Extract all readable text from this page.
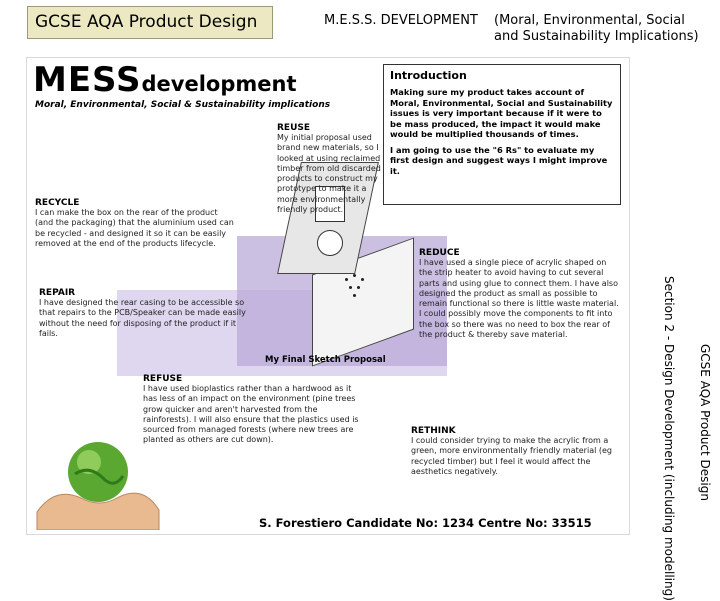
GCSE AQA Product Design	M.E.S.S. DEVELOPMENT (Moral, Environmental, Social and Sustainability Implications)
MESSdevelopment
Moral, Environmental, Social & Sustainability implications
Introduction

Making sure my product takes account of Moral, Environmental, Social and Sustainability issues is very important because if it were to be mass produced, the impact it would make would be multiplied thousands of times.

I am going to use the "6 Rs" to evaluate my first design and suggest ways I might improve it.

My Final Sketch Proposal
REUSE
My initial proposal used brand new materials, so I looked at using reclaimed timber from old discarded products to construct my prototype to make it a more environmentally friendly product.
RECYCLE
I can make the box on the rear of the product (and the packaging) that the aluminium used can be recycled - and designed it so it can be easily removed at the end of the products lifecycle.
REDUCE
I have used a single piece of acrylic shaped on the strip heater to avoid having to cut several parts and using glue to connect them. I have also designed the product as small as possible to remain functional so there is little waste material. I could possibly move the components to fit into the box so there was no need to box the rear of the product & thereby save material.
REPAIR
I have designed the rear casing to be accessible so that repairs to the PCB/Speaker can be made easily without the need for disposing of the product if it fails.
REFUSE
I have used bioplastics rather than a hardwood as it has less of an impact on the environment (pine trees grow quicker and aren't harvested from the rainforests). I will also ensure that the plastics used is sourced from managed forests (where new trees are planted as others are cut down).
RETHINK
I could consider trying to make the acrylic from a green, more environmentally friendly material (eg recycled timber) but I feel it would affect the aesthetics negatively.
S. Forestiero Candidate No: 1234 Centre No: 33515	Section 2 - Design Development (including modelling) GCSE AQA Product Design
